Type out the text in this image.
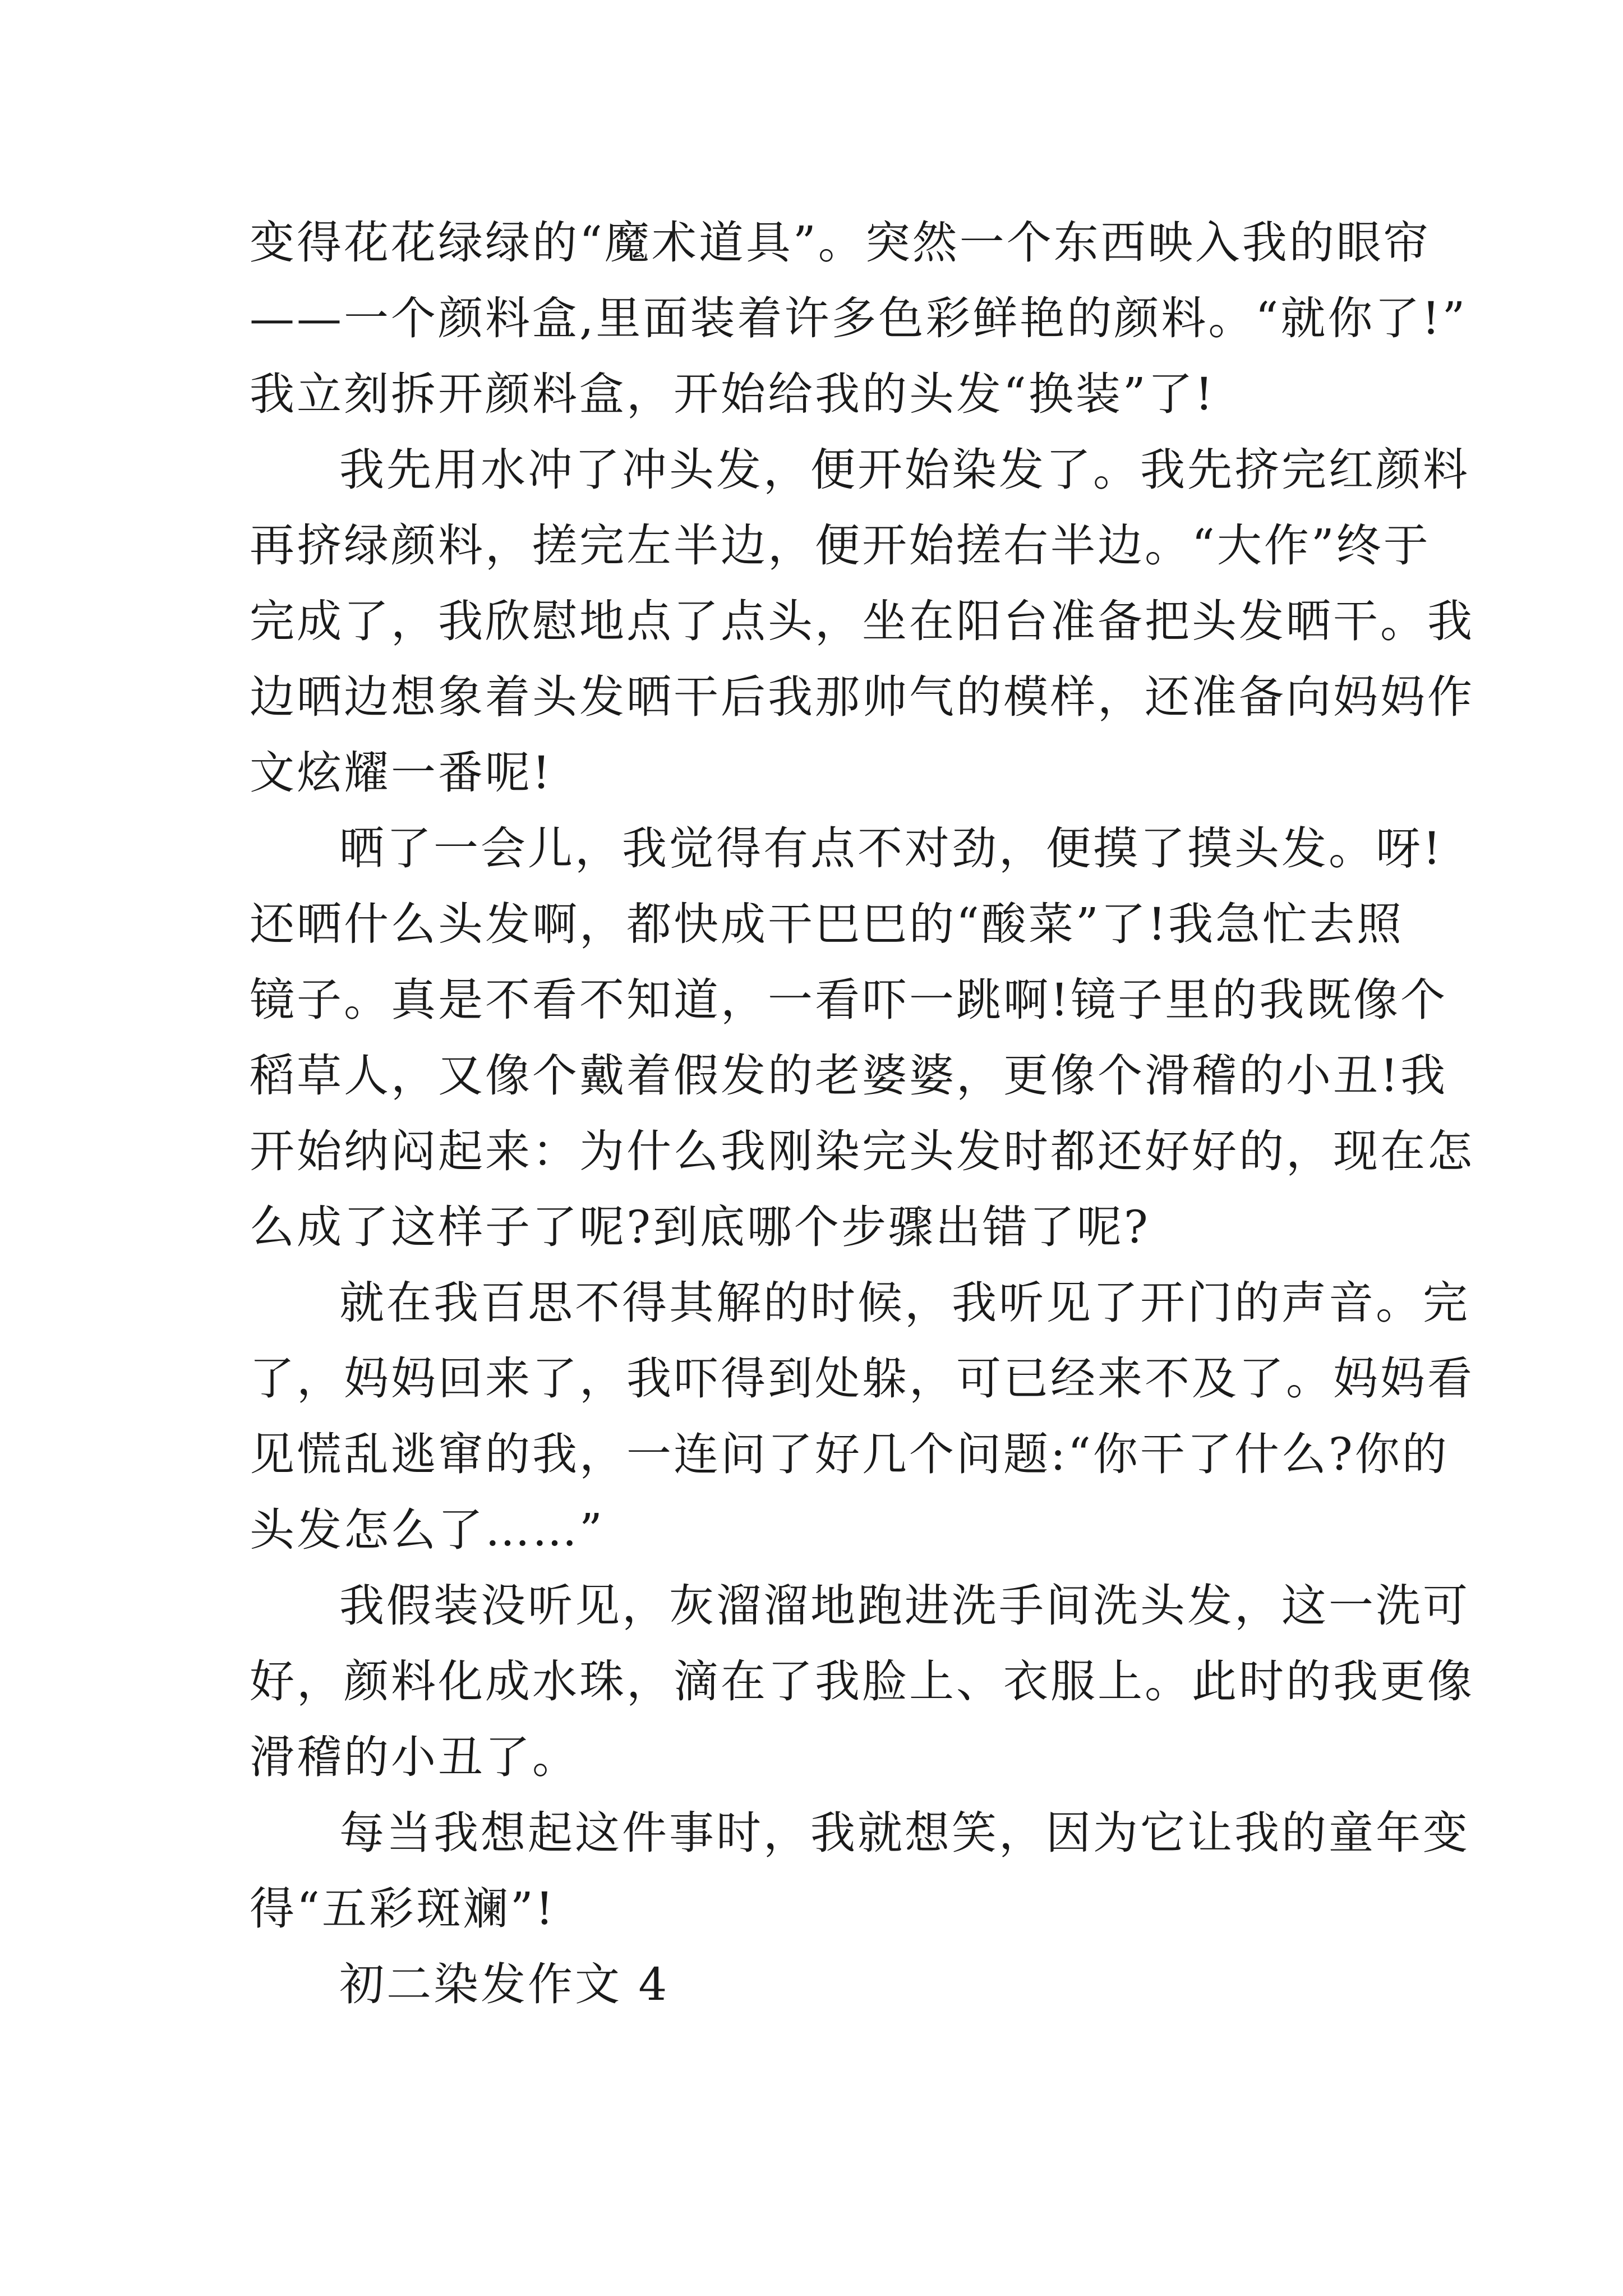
变得花花绿绿的“魔术道具”。突然一个东西映入我的眼帘
——一个颜料盒,里面装着许多色彩鲜艳的颜料。“就你了!”
我立刻拆开颜料盒，开始给我的头发“换装”了!
我先用水冲了冲头发，便开始染发了。我先挤完红颜料
再挤绿颜料，搓完左半边，便开始搓右半边。“大作”终于
完成了，我欣慰地点了点头，坐在阳台准备把头发晒干。我
边晒边想象着头发晒干后我那帅气的模样，还准备向妈妈作
文炫耀一番呢!
晒了一会儿，我觉得有点不对劲，便摸了摸头发。呀!
还晒什么头发啊，都快成干巴巴的“酸菜”了!我急忙去照
镜子。真是不看不知道，一看吓一跳啊!镜子里的我既像个
稻草人，又像个戴着假发的老婆婆，更像个滑稽的小丑!我
开始纳闷起来：为什么我刚染完头发时都还好好的，现在怎
么成了这样子了呢?到底哪个步骤出错了呢?
就在我百思不得其解的时候，我听见了开门的声音。完
了，妈妈回来了，我吓得到处躲，可已经来不及了。妈妈看
见慌乱逃窜的我，一连问了好几个问题:“你干了什么?你的
头发怎么了……”
我假装没听见，灰溜溜地跑进洗手间洗头发，这一洗可
好，颜料化成水珠，滴在了我脸上、衣服上。此时的我更像
滑稽的小丑了。
每当我想起这件事时，我就想笑，因为它让我的童年变
得“五彩斑斓”!
初二染发作文 4
